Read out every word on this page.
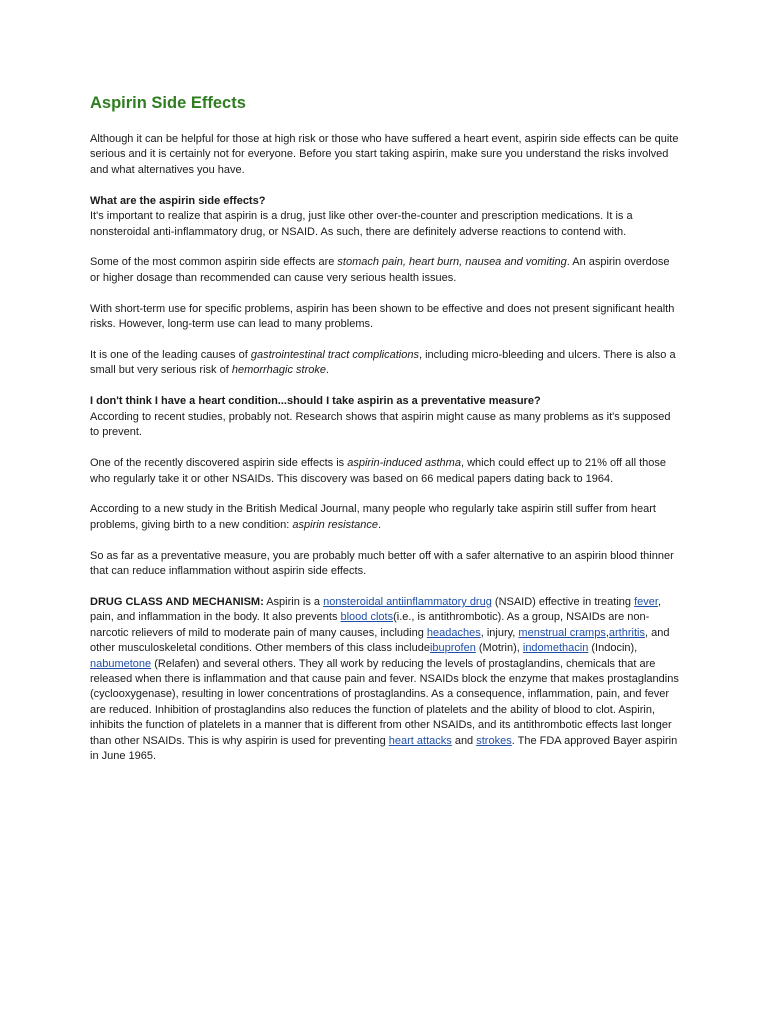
Aspirin Side Effects

Although it can be helpful for those at high risk or those who have suffered a heart event, aspirin side effects can be quite serious and it is certainly not for everyone. Before you start taking aspirin, make sure you understand the risks involved and what alternatives you have.

What are the aspirin side effects?

It's important to realize that aspirin is a drug, just like other over-the-counter and prescription medications. It is a nonsteroidal anti-inflammatory drug, or NSAID. As such, there are definitely adverse reactions to contend with.

Some of the most common aspirin side effects are stomach pain, heart burn, nausea and vomiting. An aspirin overdose or higher dosage than recommended can cause very serious health issues.

With short-term use for specific problems, aspirin has been shown to be effective and does not present significant health risks. However, long-term use can lead to many problems.

It is one of the leading causes of gastrointestinal tract complications, including micro-bleeding and ulcers. There is also a small but very serious risk of hemorrhagic stroke.

I don't think I have a heart condition...should I take aspirin as a preventative measure?

According to recent studies, probably not. Research shows that aspirin might cause as many problems as it's supposed to prevent.

One of the recently discovered aspirin side effects is aspirin-induced asthma, which could effect up to 21% off all those who regularly take it or other NSAIDs. This discovery was based on 66 medical papers dating back to 1964.

According to a new study in the British Medical Journal, many people who regularly take aspirin still suffer from heart problems, giving birth to a new condition: aspirin resistance.

So as far as a preventative measure, you are probably much better off with a safer alternative to an aspirin blood thinner that can reduce inflammation without aspirin side effects.

DRUG CLASS AND MECHANISM: Aspirin is a nonsteroidal antiinflammatory drug (NSAID) effective in treating fever, pain, and inflammation in the body. It also prevents blood clots(i.e., is antithrombotic). As a group, NSAIDs are non-narcotic relievers of mild to moderate pain of many causes, including headaches, injury, menstrual cramps,arthritis, and other musculoskeletal conditions. Other members of this class includeibuprofen (Motrin), indomethacin (Indocin), nabumetone (Relafen) and several others. They all work by reducing the levels of prostaglandins, chemicals that are released when there is inflammation and that cause pain and fever. NSAIDs block the enzyme that makes prostaglandins (cyclooxygenase), resulting in lower concentrations of prostaglandins. As a consequence, inflammation, pain, and fever are reduced. Inhibition of prostaglandins also reduces the function of platelets and the ability of blood to clot. Aspirin, inhibits the function of platelets in a manner that is different from other NSAIDs, and its antithrombotic effects last longer than other NSAIDs. This is why aspirin is used for preventing heart attacks and strokes. The FDA approved Bayer aspirin in June 1965.
